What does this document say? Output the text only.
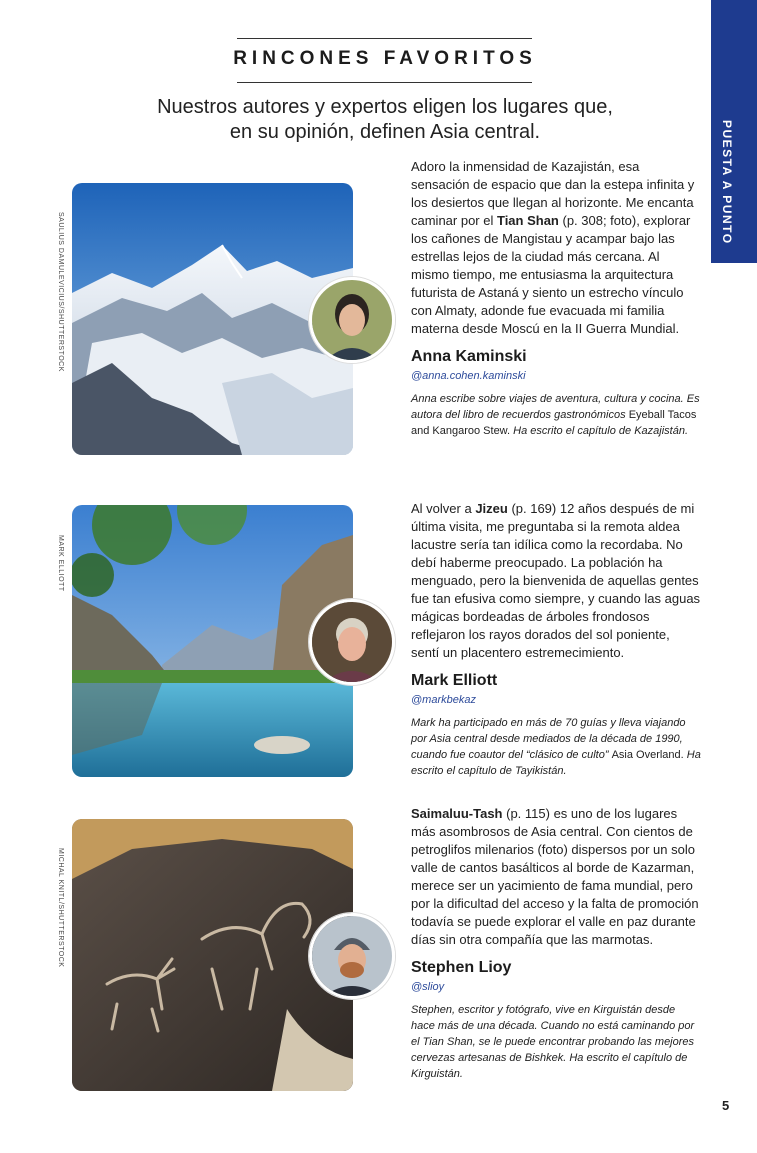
RINCONES FAVORITOS
Nuestros autores y expertos eligen los lugares que,
en su opinión, definen Asia central.	PUESTA A PUNTO
SAULIUS DAMULEVICIUS/SHUTTERSTOCK

Adoro la inmensidad de Kazajistán, esa sensación de espacio que dan la estepa infinita y los desiertos que llegan al horizonte. Me encanta caminar por el Tian Shan (p. 308; foto), explorar los cañones de Mangistau y acampar bajo las estrellas lejos de la ciudad más cercana. Al mismo tiempo, me entusiasma la arquitectura futurista de Astaná y siento un estrecho vínculo con Almaty, adonde fue evacuada mi familia materna desde Moscú en la II Guerra Mundial.

Anna Kaminski
@anna.cohen.kaminski

Anna escribe sobre viajes de aventura, cultura y cocina. Es autora del libro de recuerdos gastronómicos Eyeball Tacos and Kangaroo Stew. Ha escrito el capítulo de Kazajistán.

MARK ELLIOTT

Al volver a Jizeu (p. 169) 12 años después de mi última visita, me preguntaba si la remota aldea lacustre sería tan idílica como la recordaba. No debí haberme preocupado. La población ha menguado, pero la bienvenida de aquellas gentes fue tan efusiva como siempre, y cuando las aguas mágicas bordeadas de árboles frondosos reflejaron los rayos dorados del sol poniente, sentí un placentero estremecimiento.

Mark Elliott
@markbekaz

Mark ha participado en más de 70 guías y lleva viajando por Asia central desde mediados de la década de 1990, cuando fue coautor del “clásico de culto” Asia Overland. Ha escrito el capítulo de Tayikistán.

MICHAL KNITL/SHUTTERSTOCK

Saimaluu-Tash (p. 115) es uno de los lugares más asombrosos de Asia central. Con cientos de petroglifos milenarios (foto) dispersos por un solo valle de cantos basálticos al borde de Kazarman, merece ser un yacimiento de fama mundial, pero por la dificultad del acceso y la falta de promoción todavía se puede explorar el valle en paz durante días sin otra compañía que las marmotas.

Stephen Lioy
@slioy

Stephen, escritor y fotógrafo, vive en Kirguistán desde hace más de una década. Cuando no está caminando por el Tian Shan, se le puede encontrar probando las mejores cervezas artesanas de Bishkek. Ha escrito el capítulo de Kirguistán.

5
